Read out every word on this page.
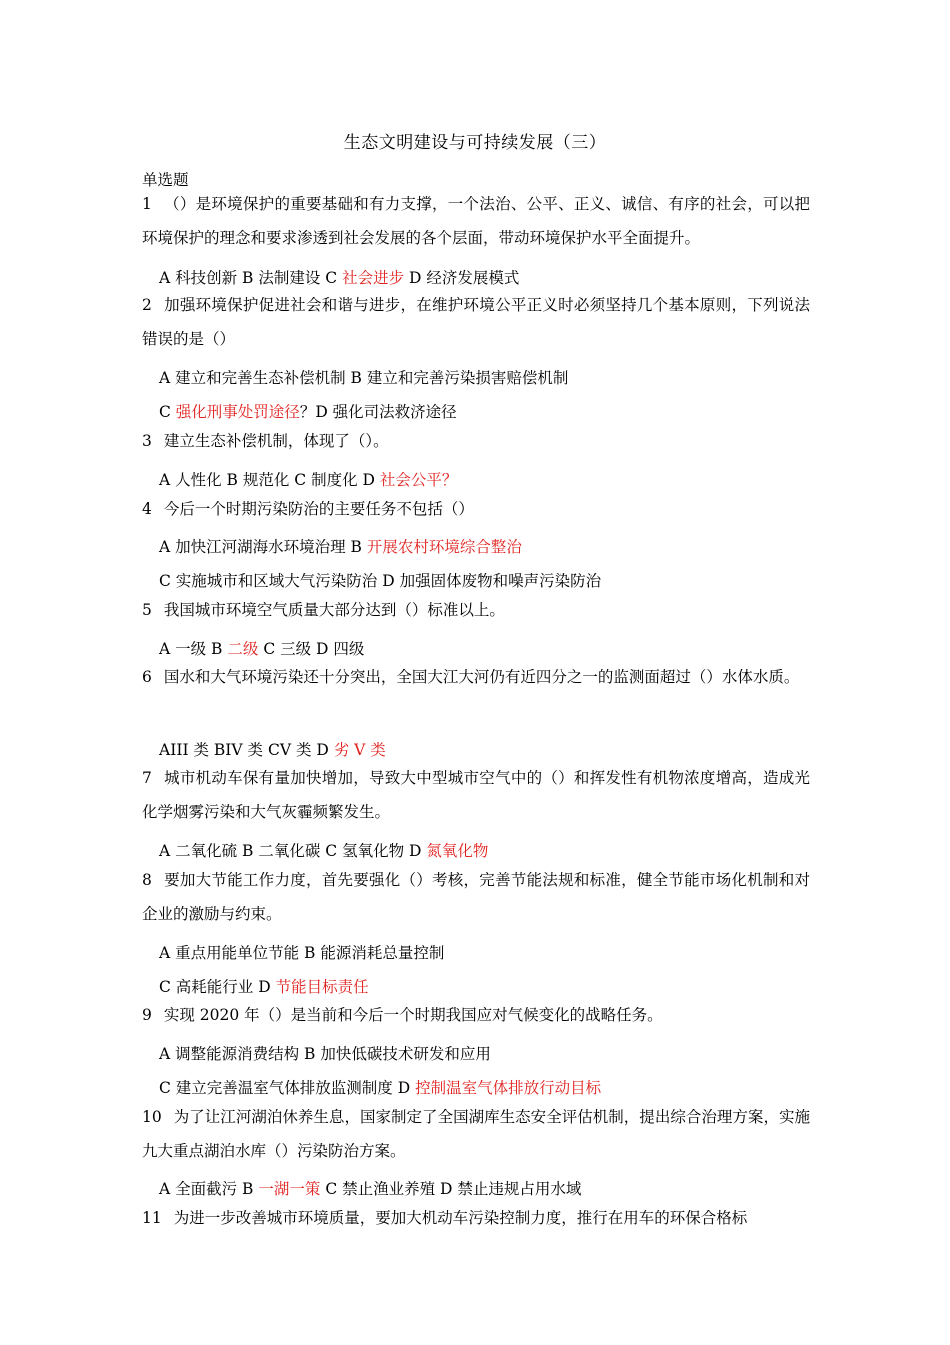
生态文明建设与可持续发展（三）
单选题
1 （）是环境保护的重要基础和有力支撑，一个法治、公平、正义、诚信、有序的社会，可以把环境保护的理念和要求渗透到社会发展的各个层面，带动环境保护水平全面提升。
A 科技创新 B 法制建设 C 社会进步 D 经济发展模式
2 加强环境保护促进社会和谐与进步，在维护环境公平正义时必须坚持几个基本原则，下列说法错误的是（）
A 建立和完善生态补偿机制 B 建立和完善污染损害赔偿机制
C 强化刑事处罚途径？D 强化司法救济途径
3 建立生态补偿机制，体现了（）。
A 人性化 B 规范化 C 制度化 D 社会公平？
4 今后一个时期污染防治的主要任务不包括（）
A 加快江河湖海水环境治理 B 开展农村环境综合整治
C 实施城市和区域大气污染防治 D 加强固体废物和噪声污染防治
5 我国城市环境空气质量大部分达到（）标准以上。
A 一级 B 二级 C 三级 D 四级
6 国水和大气环境污染还十分突出，全国大江大河仍有近四分之一的监测面超过（）水体水质。
AIII 类 BIV 类 CV 类 D 劣 V 类
7 城市机动车保有量加快增加，导致大中型城市空气中的（）和挥发性有机物浓度增高，造成光化学烟雾污染和大气灰霾频繁发生。
A 二氧化硫 B 二氧化碳 C 氢氧化物 D 氮氧化物
8 要加大节能工作力度，首先要强化（）考核，完善节能法规和标准，健全节能市场化机制和对企业的激励与约束。
A 重点用能单位节能 B 能源消耗总量控制
C 高耗能行业 D 节能目标责任
9 实现 2020 年（）是当前和今后一个时期我国应对气候变化的战略任务。
A 调整能源消费结构 B 加快低碳技术研发和应用
C 建立完善温室气体排放监测制度 D 控制温室气体排放行动目标
10 为了让江河湖泊休养生息，国家制定了全国湖库生态安全评估机制，提出综合治理方案，实施九大重点湖泊水库（）污染防治方案。
A 全面截污 B 一湖一策 C 禁止渔业养殖 D 禁止违规占用水域
11 为进一步改善城市环境质量，要加大机动车污染控制力度，推行在用车的环保合格标
